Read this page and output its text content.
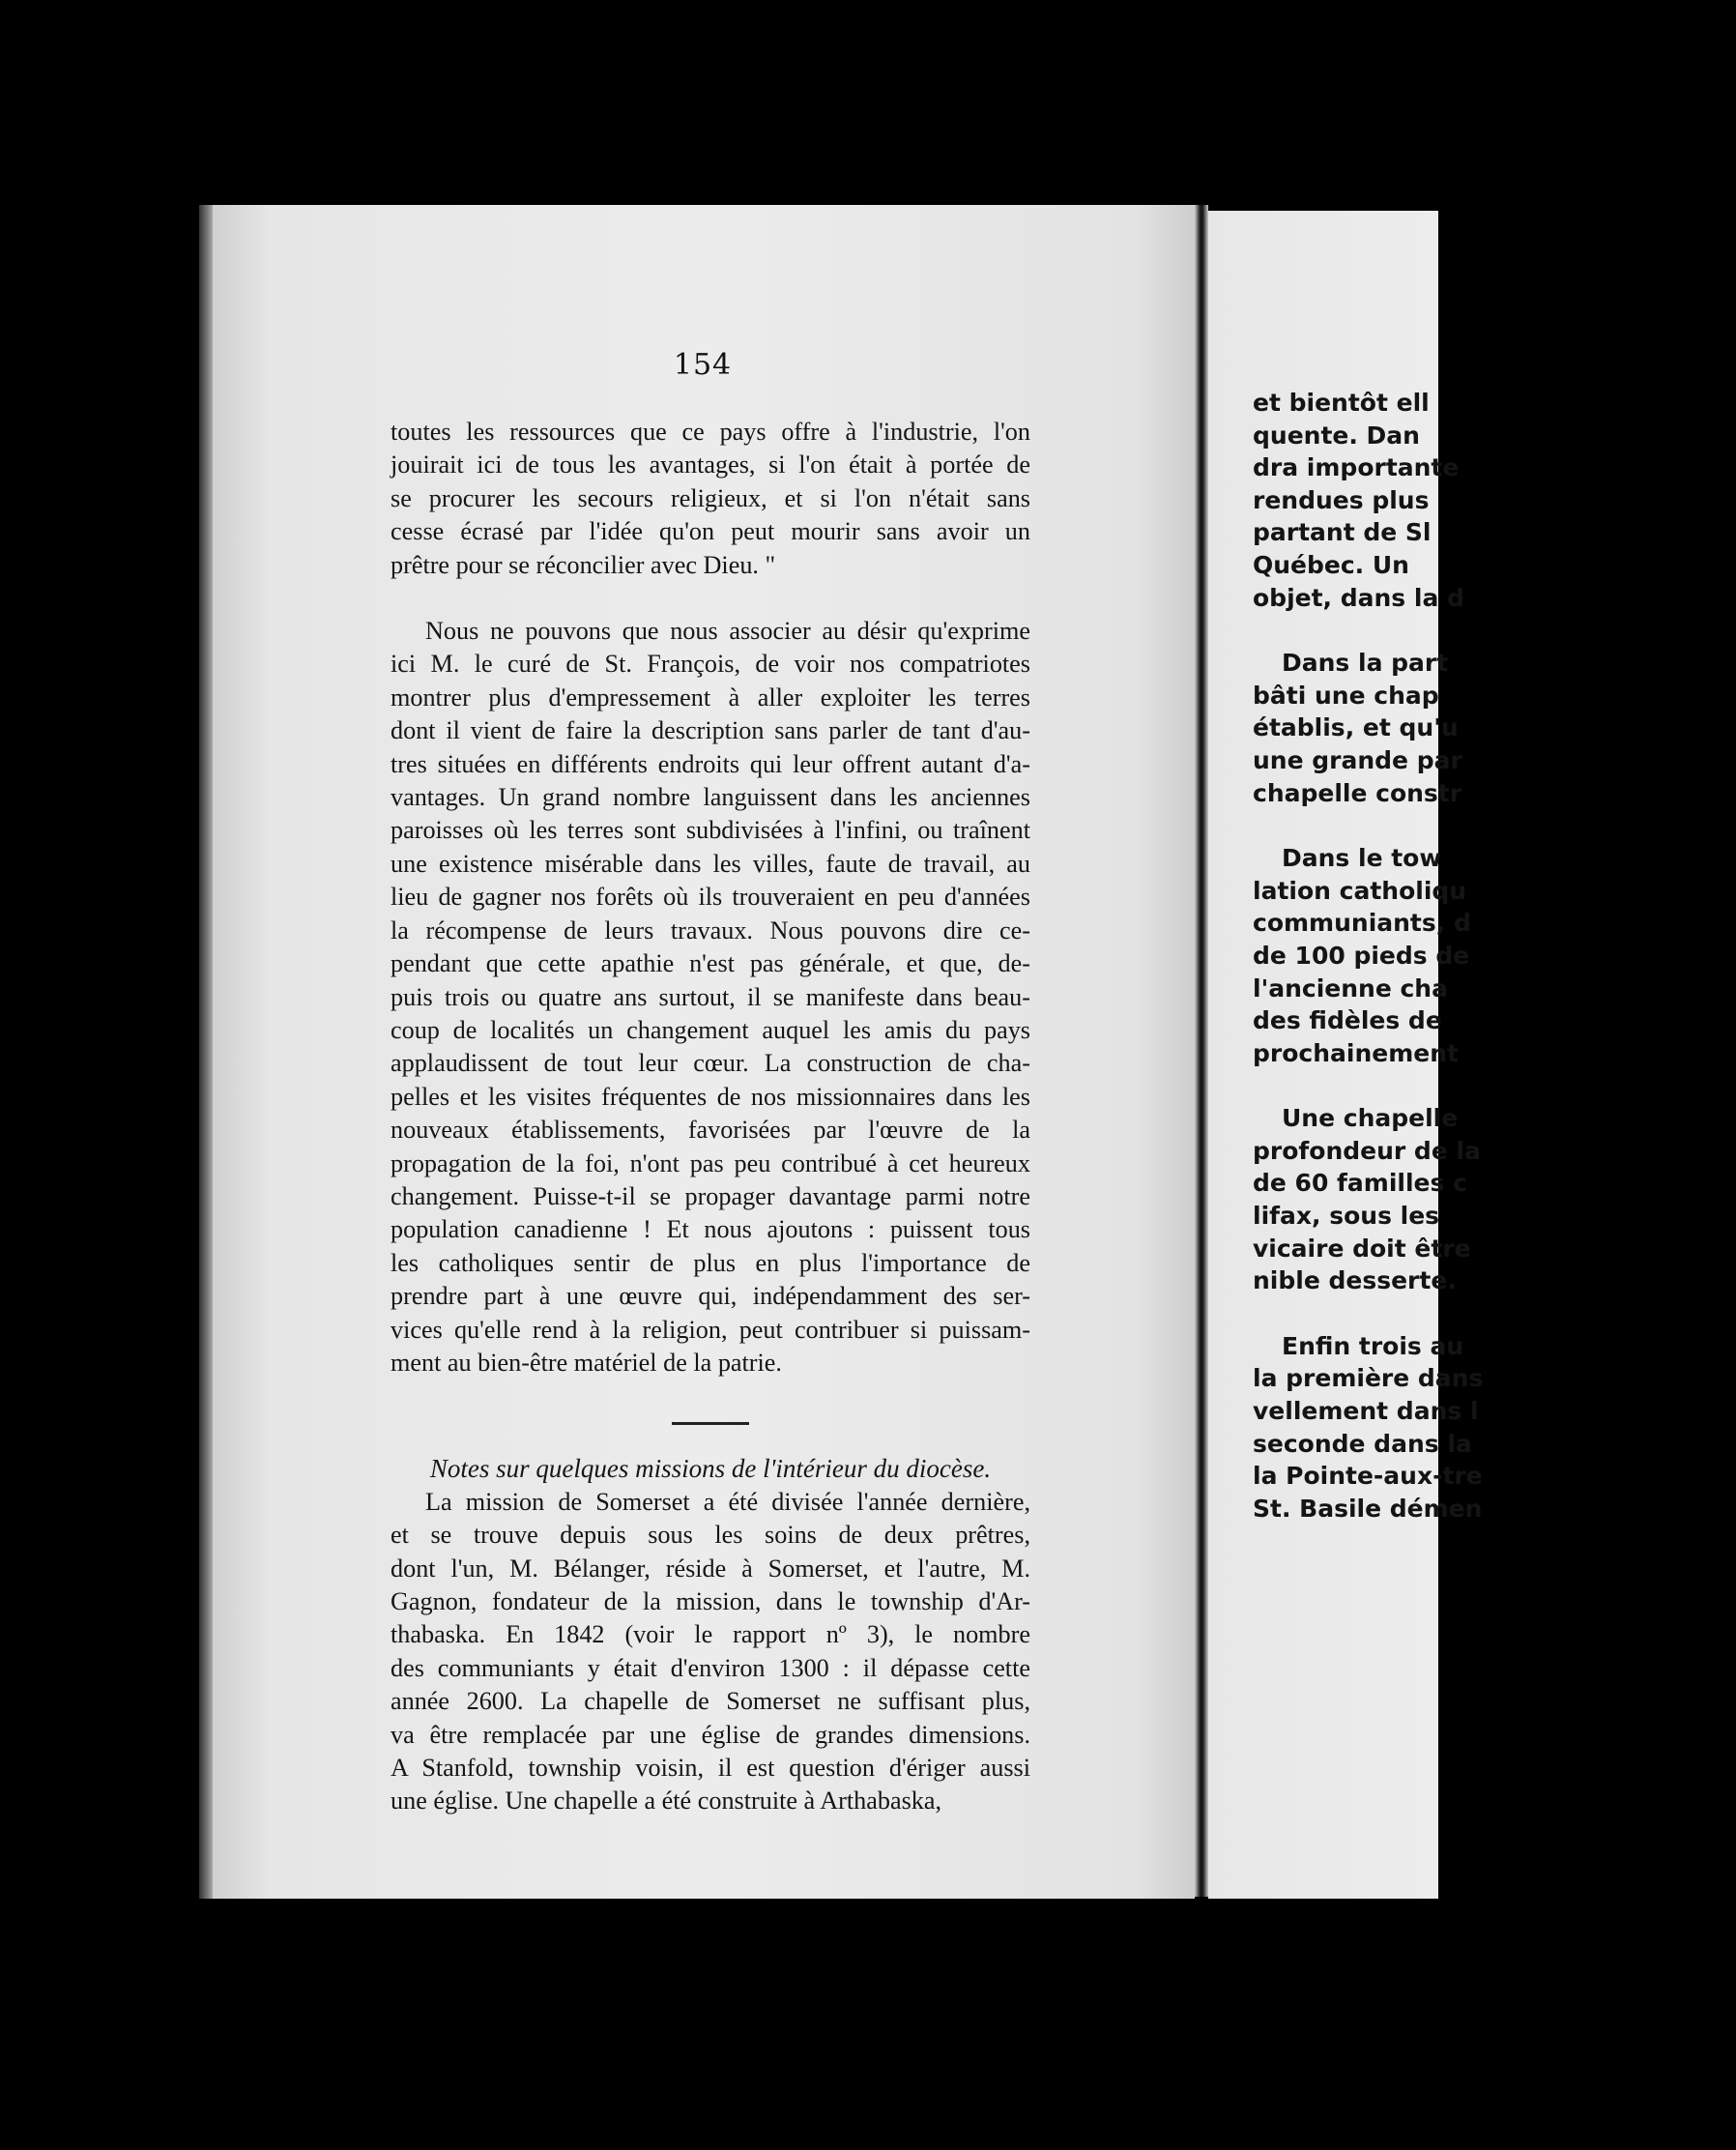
154

toutes les ressources que ce pays offre à l'industrie, l'on
jouirait ici de tous les avantages, si l'on était à portée de
se procurer les secours religieux, et si l'on n'était sans
cesse écrasé par l'idée qu'on peut mourir sans avoir un
prêtre pour se réconcilier avec Dieu. "

Nous ne pouvons que nous associer au désir qu'exprime
ici M. le curé de St. François, de voir nos compatriotes
montrer plus d'empressement à aller exploiter les terres
dont il vient de faire la description sans parler de tant d'au-
tres situées en différents endroits qui leur offrent autant d'a-
vantages. Un grand nombre languissent dans les anciennes
paroisses où les terres sont subdivisées à l'infini, ou traînent
une existence misérable dans les villes, faute de travail, au
lieu de gagner nos forêts où ils trouveraient en peu d'années
la récompense de leurs travaux. Nous pouvons dire ce-
pendant que cette apathie n'est pas générale, et que, de-
puis trois ou quatre ans surtout, il se manifeste dans beau-
coup de localités un changement auquel les amis du pays
applaudissent de tout leur cœur. La construction de cha-
pelles et les visites fréquentes de nos missionnaires dans les
nouveaux établissements, favorisées par l'œuvre de la
propagation de la foi, n'ont pas peu contribué à cet heureux
changement. Puisse-t-il se propager davantage parmi notre
population canadienne ! Et nous ajoutons : puissent tous
les catholiques sentir de plus en plus l'importance de
prendre part à une œuvre qui, indépendamment des ser-
vices qu'elle rend à la religion, peut contribuer si puissam-
ment au bien-être matériel de la patrie.

Notes sur quelques missions de l'intérieur du diocèse.

La mission de Somerset a été divisée l'année dernière,
et se trouve depuis sous les soins de deux prêtres,
dont l'un, M. Bélanger, réside à Somerset, et l'autre, M.
Gagnon, fondateur de la mission, dans le township d'Ar-
thabaska. En 1842 (voir le rapport nº 3), le nombre
des communiants y était d'environ 1300 : il dépasse cette
année 2600. La chapelle de Somerset ne suffisant plus,
va être remplacée par une église de grandes dimensions.
A Stanfold, township voisin, il est question d'ériger aussi
une église. Une chapelle a été construite à Arthabaska,

et bientôt ell

quente. Dan

dra importante

rendues plus

partant de Sl

Québec. Un

objet, dans la d

Dans la part

bâti une chap

établis, et qu'u

une grande par

chapelle constr

Dans le tow

lation catholiqu

communiants, d

de 100 pieds de

l'ancienne cha

des fidèles de

prochainement

Une chapelle

profondeur de la

de 60 familles c

lifax, sous les

vicaire doit être

nible desserte.

Enfin trois au

la première dans

vellement dans l

seconde dans la

la Pointe-aux-tre

St. Basile démen
